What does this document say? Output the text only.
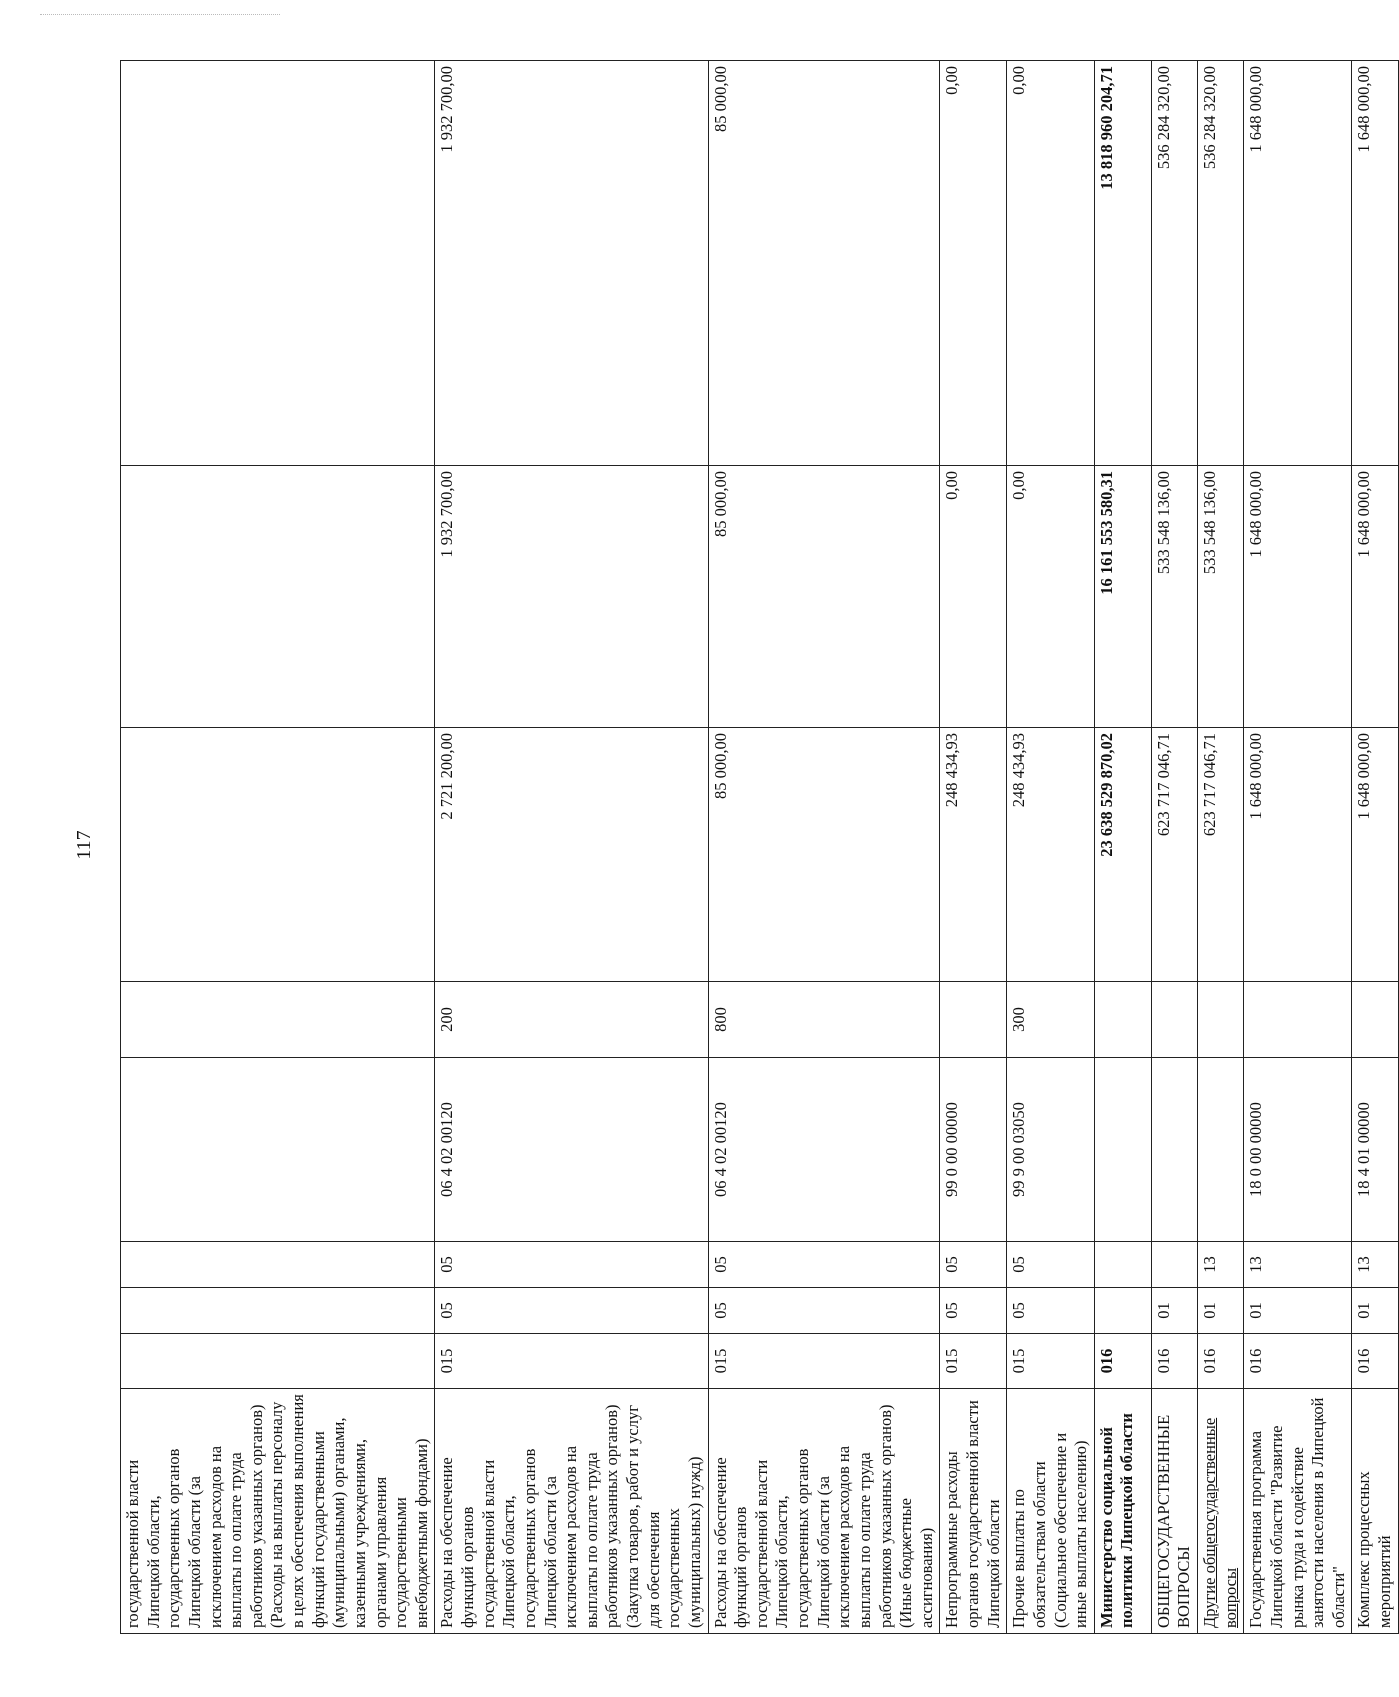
117
государственной власти Липецкой области, государственных органов Липецкой области (за исключением расходов на выплаты по оплате труда работников указанных органов) (Расходы на выплаты персоналу в целях обеспечения выполнения функций государственными (муниципальными) органами, казенными учреждениями, органами управления государственными внебюджетными фондами)								
Расходы на обеспечение функций органов государственной власти Липецкой области, государственных органов Липецкой области (за исключением расходов на выплаты по оплате труда работников указанных органов) (Закупка товаров, работ и услуг для обеспечения государственных (муниципальных) нужд)	015	05	05	06 4 02 00120	200	2 721 200,00	1 932 700,00	1 932 700,00
Расходы на обеспечение функций органов государственной власти Липецкой области, государственных органов Липецкой области (за исключением расходов на выплаты по оплате труда работников указанных органов) (Иные бюджетные ассигнования)	015	05	05	06 4 02 00120	800	85 000,00	85 000,00	85 000,00
Непрограммные расходы органов государственной власти Липецкой области	015	05	05	99 0 00 00000		248 434,93	0,00	0,00
Прочие выплаты по обязательствам области (Социальное обеспечение и иные выплаты населению)	015	05	05	99 9 00 03050	300	248 434,93	0,00	0,00
Министерство социальной политики Липецкой области	016					23 638 529 870,02	16 161 553 580,31	13 818 960 204,71
ОБЩЕГОСУДАРСТВЕННЫЕ ВОПРОСЫ	016	01				623 717 046,71	533 548 136,00	536 284 320,00
Другие общегосударственные вопросы	016	01	13			623 717 046,71	533 548 136,00	536 284 320,00
Государственная программа Липецкой области "Развитие рынка труда и содействие занятости населения в Липецкой области"	016	01	13	18 0 00 00000		1 648 000,00	1 648 000,00	1 648 000,00
Комплекс процессных мероприятий	016	01	13	18 4 01 00000		1 648 000,00	1 648 000,00	1 648 000,00
